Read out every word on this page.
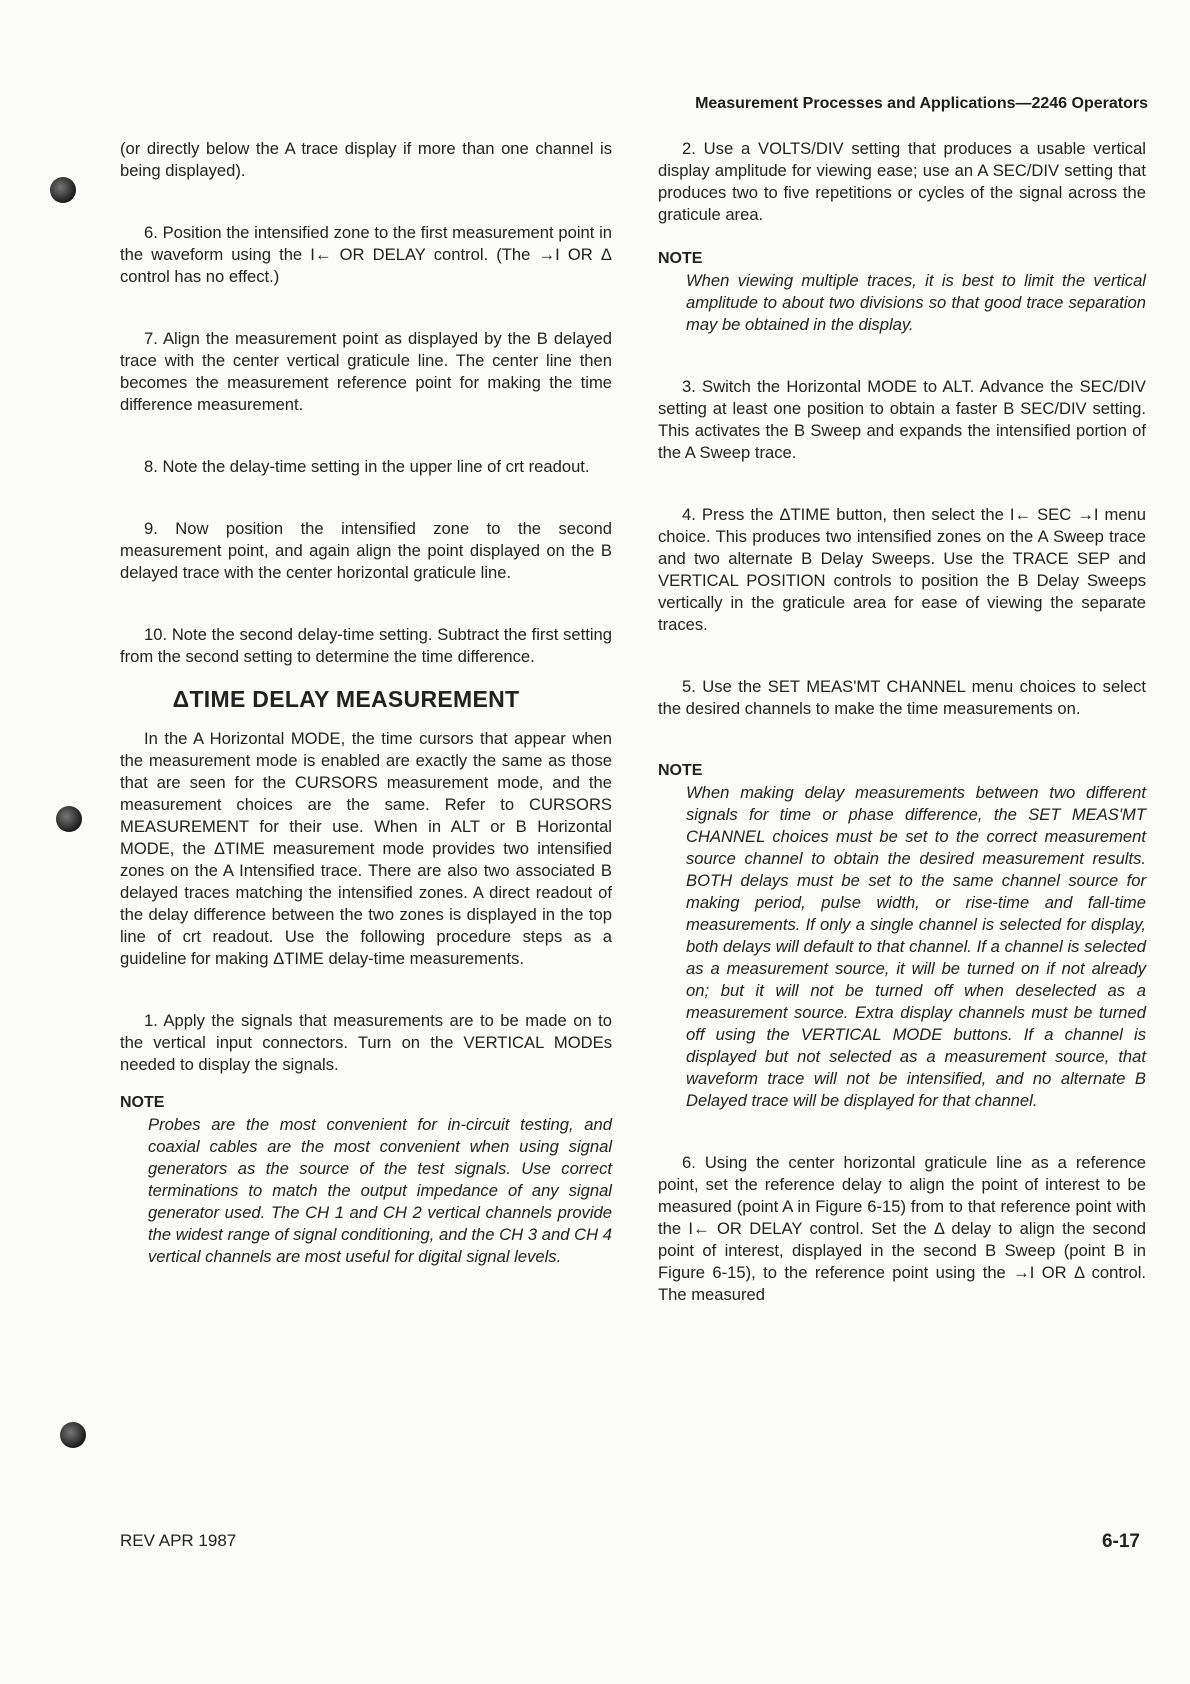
Measurement Processes and Applications—2246 Operators

(or directly below the A trace display if more than one channel is being displayed).

6. Position the intensified zone to the first measurement point in the waveform using the I← OR DELAY control. (The →I OR Δ control has no effect.)

7. Align the measurement point as displayed by the B delayed trace with the center vertical graticule line. The center line then becomes the measurement reference point for making the time difference measurement.

8. Note the delay-time setting in the upper line of crt readout.

9. Now position the intensified zone to the second measurement point, and again align the point displayed on the B delayed trace with the center horizontal graticule line.

10. Note the second delay-time setting. Subtract the first setting from the second setting to determine the time difference.

ΔTIME DELAY MEASUREMENT

In the A Horizontal MODE, the time cursors that appear when the measurement mode is enabled are exactly the same as those that are seen for the CURSORS measurement mode, and the measurement choices are the same. Refer to CURSORS MEASUREMENT for their use. When in ALT or B Horizontal MODE, the ΔTIME measurement mode provides two intensified zones on the A Intensified trace. There are also two associated B delayed traces matching the intensified zones. A direct readout of the delay difference between the two zones is displayed in the top line of crt readout. Use the following procedure steps as a guideline for making ΔTIME delay-time measurements.

1. Apply the signals that measurements are to be made on to the vertical input connectors. Turn on the VERTICAL MODEs needed to display the signals.

NOTE

Probes are the most convenient for in-circuit testing, and coaxial cables are the most convenient when using signal generators as the source of the test signals. Use correct terminations to match the output impedance of any signal generator used. The CH 1 and CH 2 vertical channels provide the widest range of signal conditioning, and the CH 3 and CH 4 vertical channels are most useful for digital signal levels.

2. Use a VOLTS/DIV setting that produces a usable vertical display amplitude for viewing ease; use an A SEC/DIV setting that produces two to five repetitions or cycles of the signal across the graticule area.

NOTE

When viewing multiple traces, it is best to limit the vertical amplitude to about two divisions so that good trace separation may be obtained in the display.

3. Switch the Horizontal MODE to ALT. Advance the SEC/DIV setting at least one position to obtain a faster B SEC/DIV setting. This activates the B Sweep and expands the intensified portion of the A Sweep trace.

4. Press the ΔTIME button, then select the I← SEC →I menu choice. This produces two intensified zones on the A Sweep trace and two alternate B Delay Sweeps. Use the TRACE SEP and VERTICAL POSITION controls to position the B Delay Sweeps vertically in the graticule area for ease of viewing the separate traces.

5. Use the SET MEAS'MT CHANNEL menu choices to select the desired channels to make the time measurements on.

NOTE

When making delay measurements between two different signals for time or phase difference, the SET MEAS'MT CHANNEL choices must be set to the correct measurement source channel to obtain the desired measurement results. BOTH delays must be set to the same channel source for making period, pulse width, or rise-time and fall-time measurements. If only a single channel is selected for display, both delays will default to that channel. If a channel is selected as a measurement source, it will be turned on if not already on; but it will not be turned off when deselected as a measurement source. Extra display channels must be turned off using the VERTICAL MODE buttons. If a channel is displayed but not selected as a measurement source, that waveform trace will not be intensified, and no alternate B Delayed trace will be displayed for that channel.

6. Using the center horizontal graticule line as a reference point, set the reference delay to align the point of interest to be measured (point A in Figure 6-15) from to that reference point with the I← OR DELAY control. Set the Δ delay to align the second point of interest, displayed in the second B Sweep (point B in Figure 6-15), to the reference point using the →I OR Δ control. The measured

REV APR 1987	6-17
